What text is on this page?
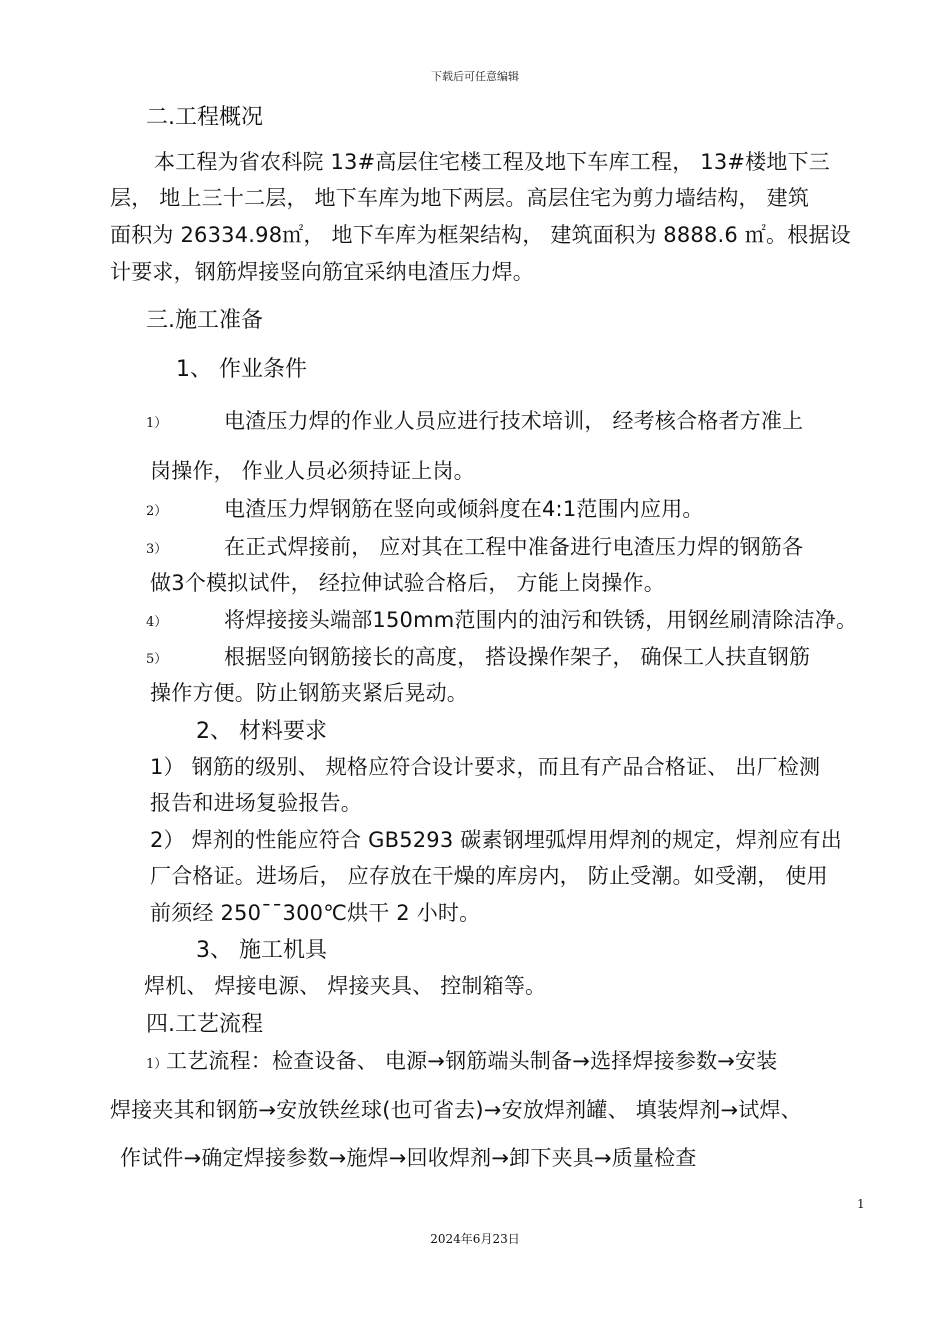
下载后可任意编辑
二.工程概况
本工程为省农科院 13#高层住宅楼工程及地下车库工程， 13#楼地下三
层， 地上三十二层， 地下车库为地下两层。高层住宅为剪力墙结构， 建筑
面积为 26334.98㎡， 地下车库为框架结构， 建筑面积为 8888.6 ㎡。根据设
计要求，钢筋焊接竖向筋宜采纳电渣压力焊。
三.施工准备
1、 作业条件
1）	电渣压力焊的作业人员应进行技术培训， 经考核合格者方准上
岗操作， 作业人员必须持证上岗。
2）	电渣压力焊钢筋在竖向或倾斜度在4:1范围内应用。
3）	在正式焊接前， 应对其在工程中准备进行电渣压力焊的钢筋各
做3个模拟试件， 经拉伸试验合格后， 方能上岗操作。
4）	将焊接接头端部150mm范围内的油污和铁锈，用钢丝刷清除洁净。
5）	根据竖向钢筋接长的高度， 搭设操作架子， 确保工人扶直钢筋
操作方便。防止钢筋夹紧后晃动。
2、 材料要求
1） 钢筋的级别、 规格应符合设计要求，而且有产品合格证、 出厂检测
报告和进场复验报告。
2） 焊剂的性能应符合 GB5293 碳素钢埋弧焊用焊剂的规定，焊剂应有出
厂合格证。进场后， 应存放在干燥的库房内， 防止受潮。如受潮， 使用
前须经 250¯¯300℃烘干 2 小时。
3、 施工机具
焊机、 焊接电源、 焊接夹具、 控制箱等。
四.工艺流程
1）
工艺流程：检查设备、 电源→钢筋端头制备→选择焊接参数→安装
焊接夹其和钢筋→安放铁丝球(也可省去)→安放焊剂罐、 填装焊剂→试焊、
作试件→确定焊接参数→施焊→回收焊剂→卸下夹具→质量检查
1
2024年6月23日
